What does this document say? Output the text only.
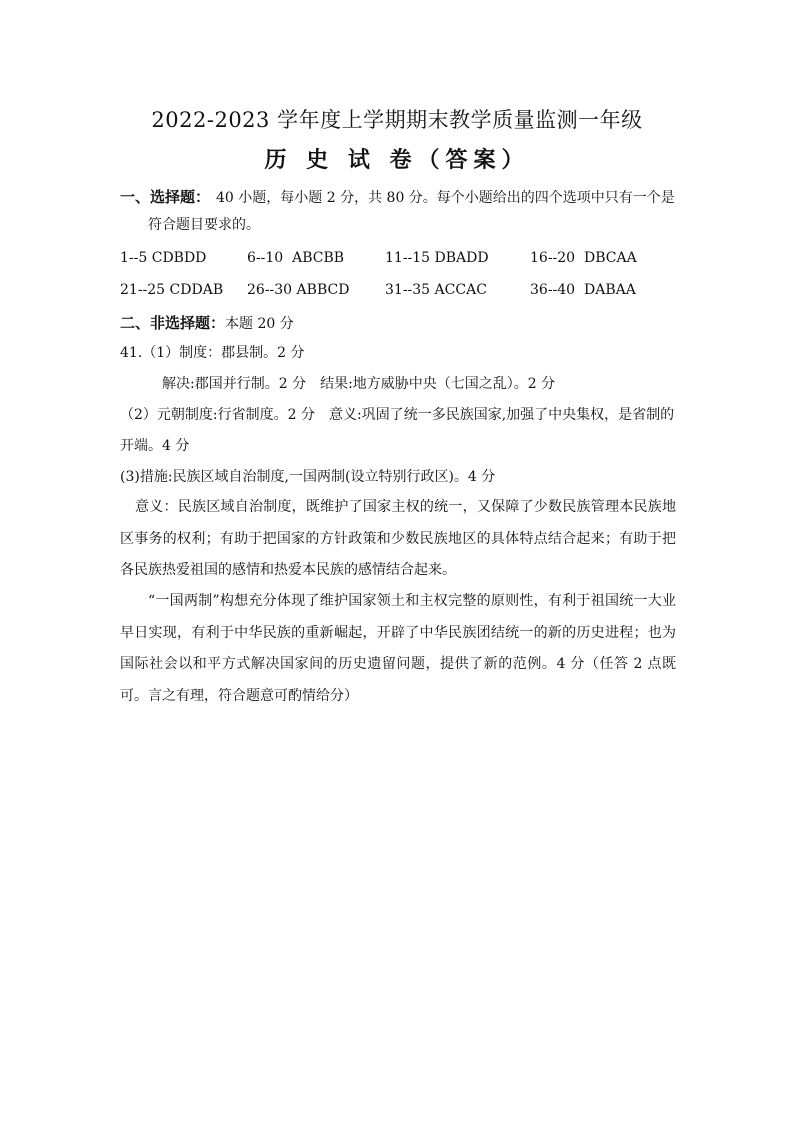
2022-2023 学年度上学期期末教学质量监测一年级
历 史 试 卷（答案）
一、选择题： 40 小题，每小题 2 分，共 80 分。每个小题给出的四个选项中只有一个是
符合题目要求的。
1--5 CDBDD	6--10 ABCBB	11--15 DBADD	16--20 DBCAA
21--25 CDDAB 26--30 ABBCD	31--35 ACCAC	36--40 DABAA
二、非选择题：本题 20 分
41.（1）制度：郡县制。2 分
解决:郡国并行制。2 分　结果:地方威胁中央（七国之乱）。2 分
（2）元朝制度:行省制度。2 分　意义:巩固了统一多民族国家,加强了中央集权，是省制的
开端。4 分
(3)措施:民族区域自治制度,一国两制(设立特别行政区)。4 分
意义：民族区域自治制度，既维护了国家主权的统一，又保障了少数民族管理本民族地区事务的权利；有助于把国家的方针政策和少数民族地区的具体特点结合起来；有助于把各民族热爱祖国的感情和热爱本民族的感情结合起来。
“一国两制”构想充分体现了维护国家领土和主权完整的原则性，有利于祖国统一大业早日实现，有利于中华民族的重新崛起，开辟了中华民族团结统一的新的历史进程；也为国际社会以和平方式解决国家间的历史遗留问题，提供了新的范例。4 分（任答 2 点既可。言之有理，符合题意可酌情给分）
